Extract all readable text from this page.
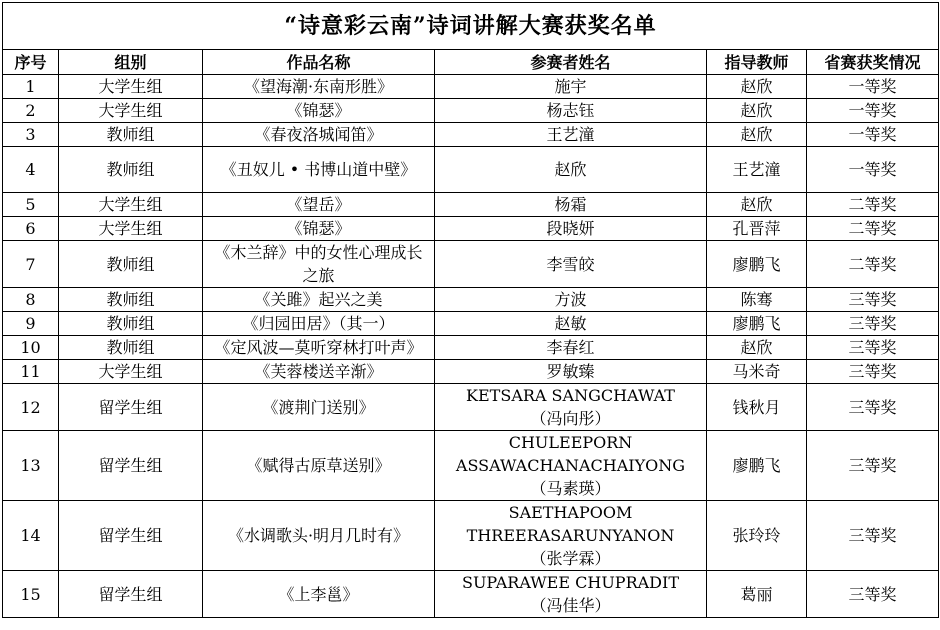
“诗意彩云南”诗词讲解大赛获奖名单					
序号	组别	作品名称	参赛者姓名	指导教师	省赛获奖情况
1	大学生组	《望海潮·东南形胜》	施宇	赵欣	一等奖
2	大学生组	《锦瑟》	杨志钰	赵欣	一等奖
3	教师组	《春夜洛城闻笛》	王艺潼	赵欣	一等奖
4	教师组	《丑奴儿 • 书博山道中壁》	赵欣	王艺潼	一等奖
5	大学生组	《望岳》	杨霜	赵欣	二等奖
6	大学生组	《锦瑟》	段晓妍	孔晋萍	二等奖
7	教师组	《木兰辞》中的女性心理成长之旅	李雪皎	廖鹏飞	二等奖
8	教师组	《关雎》起兴之美	方波	陈骞	三等奖
9	教师组	《归园田居》（其一）	赵敏	廖鹏飞	三等奖
10	教师组	《定风波—莫听穿林打叶声》	李春红	赵欣	三等奖
11	大学生组	《芙蓉楼送辛渐》	罗敏臻	马米奇	三等奖
12	留学生组	《渡荆门送别》	KETSARA SANGCHAWAT
（冯向彤）	钱秋月	三等奖
13	留学生组	《赋得古原草送别》	CHULEEPORN
ASSAWACHANACHAIYONG
（马素瑛）	廖鹏飞	三等奖
14	留学生组	《水调歌头·明月几时有》	SAETHAPOOM
THREERASARUNYANON
（张学霖）	张玲玲	三等奖
15	留学生组	《上李邕》	SUPARAWEE CHUPRADIT
（冯佳华）	葛丽	三等奖
